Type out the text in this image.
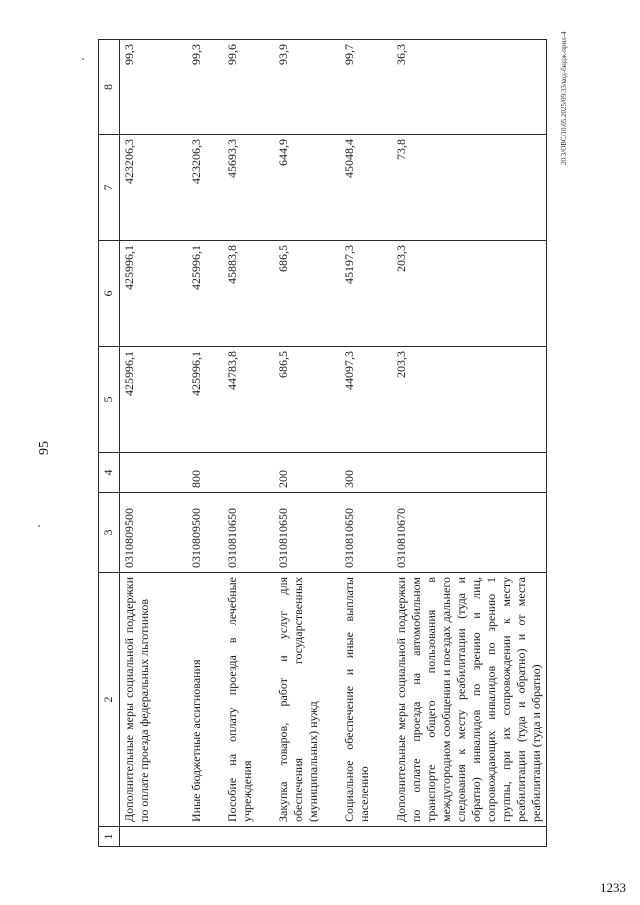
95
20.3/ОВС/10.05.2025/09:33/код-бюдж-прил-4
1233
1	2	3	4	5	6	7	8
	Дополнительные меры социальной поддержки по оплате проезда федеральных льготников	0310809500		425996,1	425996,1	423206,3	99,3
	Иные бюджетные ассигнования	0310809500	800	425996,1	425996,1	423206,3	99,3
	Пособие на оплату проезда в лечебные учреждения	0310810650		44783,8	45883,8	45693,3	99,6
	Закупка товаров, работ и услуг для обеспечения государственных (муниципальных) нужд	0310810650	200	686,5	686,5	644,9	93,9
	Социальное обеспечение и иные выплаты населению	0310810650	300	44097,3	45197,3	45048,4	99,7
	Дополнительные меры социальной поддержки по оплате проезда на автомобильном транспорте общего пользования в междугородном сообщении и поездах дальнего следования к месту реабилитации (туда и обратно) инвалидов по зрению и лиц, сопровождающих инвалидов по зрению 1 группы, при их сопровождении к месту реабилитации (туда и обратно) и от места реабилитации (туда и обратно)	0310810670		203,3	203,3	73,8	36,3
